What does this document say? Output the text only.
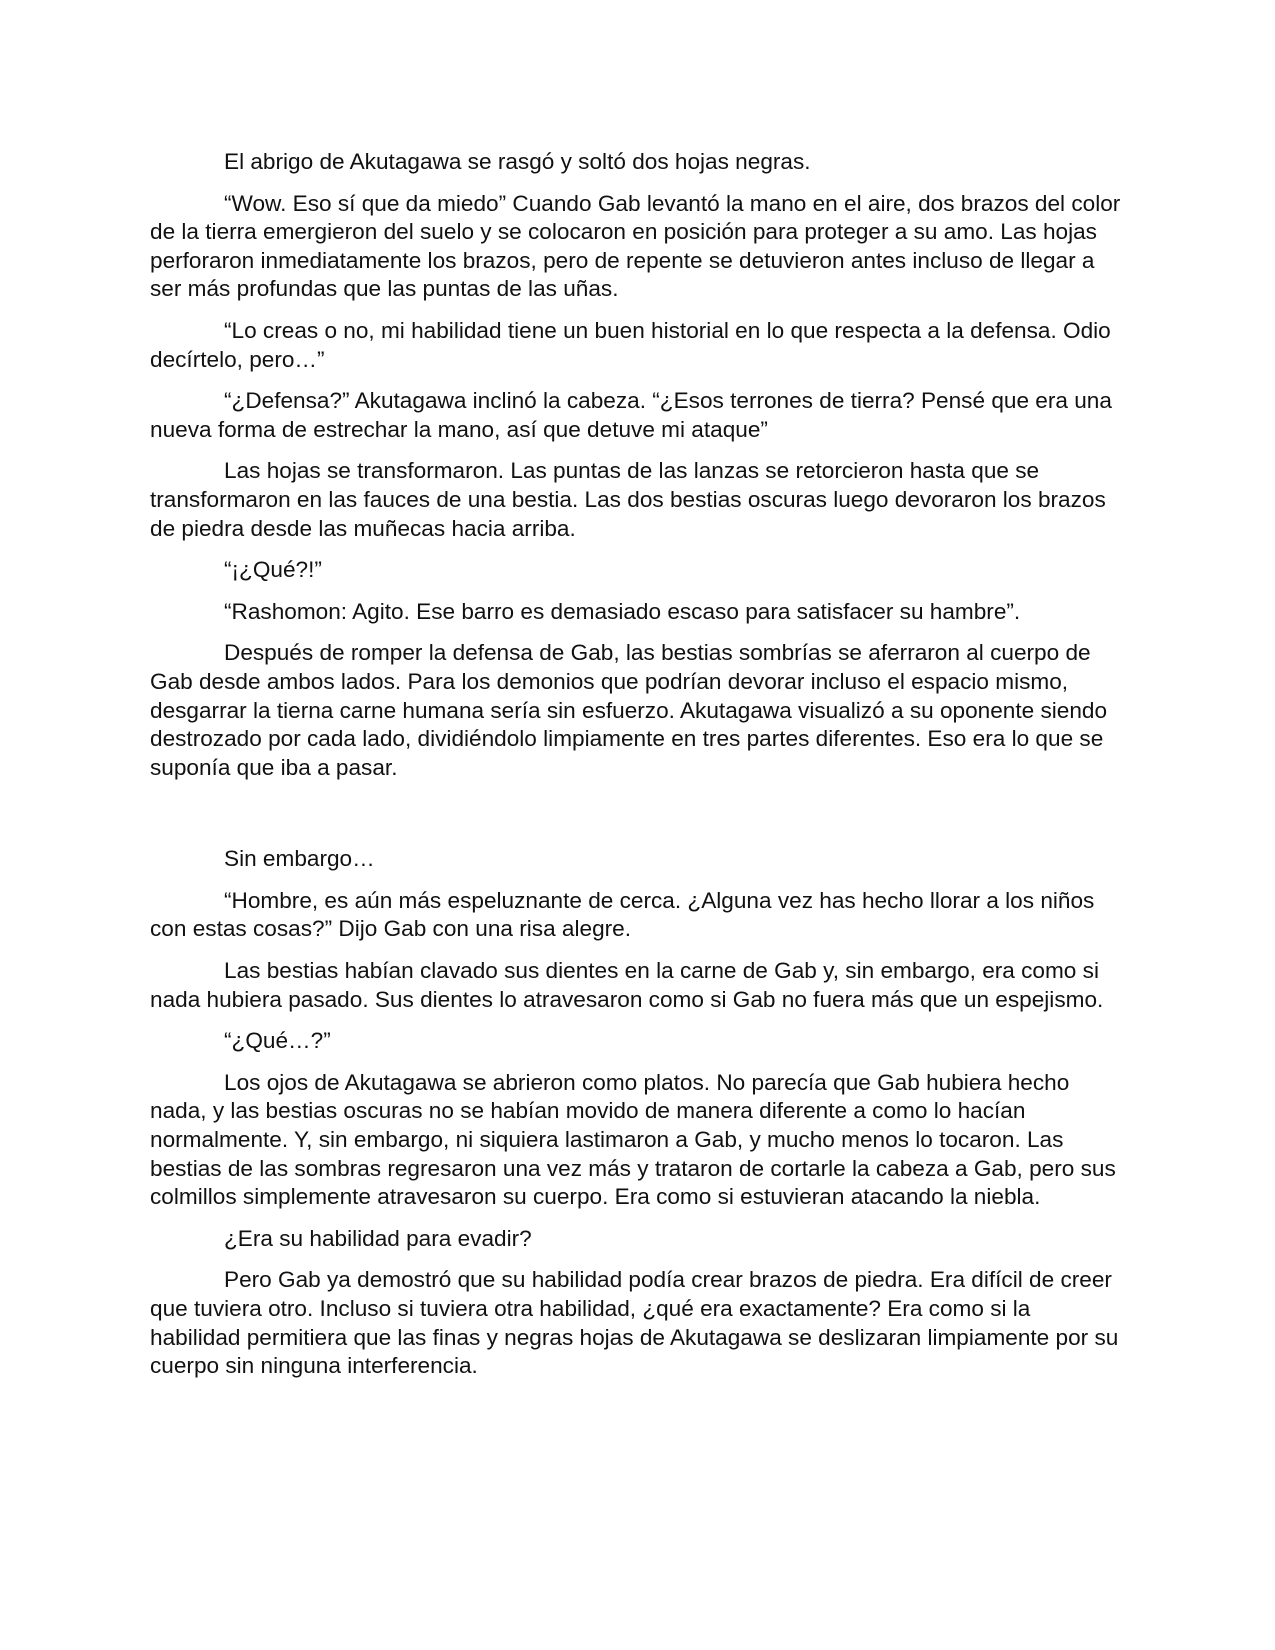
El abrigo de Akutagawa se rasgó y soltó dos hojas negras.

“Wow. Eso sí que da miedo” Cuando Gab levantó la mano en el aire, dos brazos del color de la tierra emergieron del suelo y se colocaron en posición para proteger a su amo. Las hojas perforaron inmediatamente los brazos, pero de repente se detuvieron antes incluso de llegar a ser más profundas que las puntas de las uñas.

“Lo creas o no, mi habilidad tiene un buen historial en lo que respecta a la defensa. Odio decírtelo, pero…”

“¿Defensa?” Akutagawa inclinó la cabeza. “¿Esos terrones de tierra? Pensé que era una nueva forma de estrechar la mano, así que detuve mi ataque”

Las hojas se transformaron. Las puntas de las lanzas se retorcieron hasta que se transformaron en las fauces de una bestia. Las dos bestias oscuras luego devoraron los brazos de piedra desde las muñecas hacia arriba.

“¡¿Qué?!”

“Rashomon: Agito. Ese barro es demasiado escaso para satisfacer su hambre”.

Después de romper la defensa de Gab, las bestias sombrías se aferraron al cuerpo de Gab desde ambos lados. Para los demonios que podrían devorar incluso el espacio mismo, desgarrar la tierna carne humana sería sin esfuerzo. Akutagawa visualizó a su oponente siendo destrozado por cada lado, dividiéndolo limpiamente en tres partes diferentes. Eso era lo que se suponía que iba a pasar.

Sin embargo…

“Hombre, es aún más espeluznante de cerca. ¿Alguna vez has hecho llorar a los niños con estas cosas?” Dijo Gab con una risa alegre.

Las bestias habían clavado sus dientes en la carne de Gab y, sin embargo, era como si nada hubiera pasado. Sus dientes lo atravesaron como si Gab no fuera más que un espejismo.

“¿Qué…?”

Los ojos de Akutagawa se abrieron como platos. No parecía que Gab hubiera hecho nada, y las bestias oscuras no se habían movido de manera diferente a como lo hacían normalmente. Y, sin embargo, ni siquiera lastimaron a Gab, y mucho menos lo tocaron. Las bestias de las sombras regresaron una vez más y trataron de cortarle la cabeza a Gab, pero sus colmillos simplemente atravesaron su cuerpo. Era como si estuvieran atacando la niebla.

¿Era su habilidad para evadir?

Pero Gab ya demostró que su habilidad podía crear brazos de piedra. Era difícil de creer que tuviera otro. Incluso si tuviera otra habilidad, ¿qué era exactamente? Era como si la habilidad permitiera que las finas y negras hojas de Akutagawa se deslizaran limpiamente por su cuerpo sin ninguna interferencia.
